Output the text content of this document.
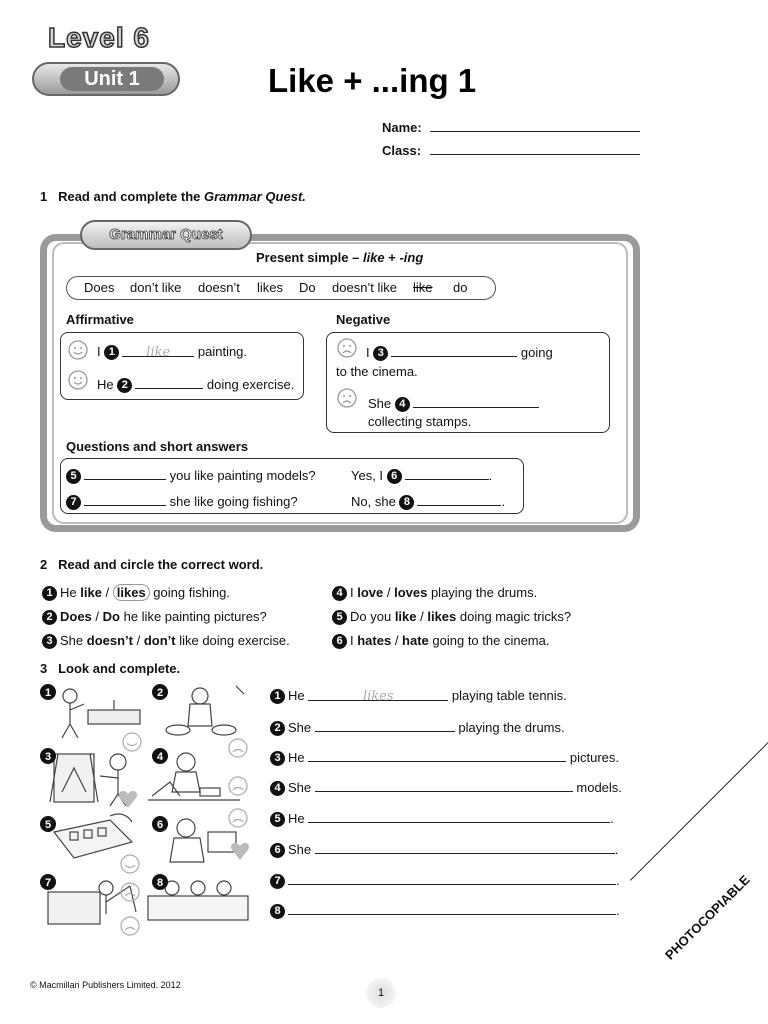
Level 6
Unit 1	Like + ...ing 1
Name:
Class:
1 Read and complete the Grammar Quest.
Grammar Quest
Present simple – like + -ing
Does don’t like doesn’t likes Do doesn’t like like do
Affirmative	Negative
I 1 like painting.
He 2	doing exercise.
I 3	going
to the cinema.
She 4
collecting stamps.
Questions and short answers
5	you like painting models?	Yes, I 6	.
7	she like going fishing?	No, she 8	.
2 Read and circle the correct word.
1 He like / likes going fishing.
2 Does / Do he like painting pictures?
3 She doesn’t / don’t like doing exercise.
4 I love / loves playing the drums.
5 Do you like / likes doing magic tricks?
6 I hates / hate going to the cinema.
3 Look and complete.
1	2
3	4
5	6
7	8
1 He	likes	playing table tennis.
2 She	playing the drums.
3 He	pictures.
4 She	models.
5 He	.
6 She	.
7	.
8	.
© Macmillan Publishers Limited. 2012
1
PHOTOCOPIABLE
